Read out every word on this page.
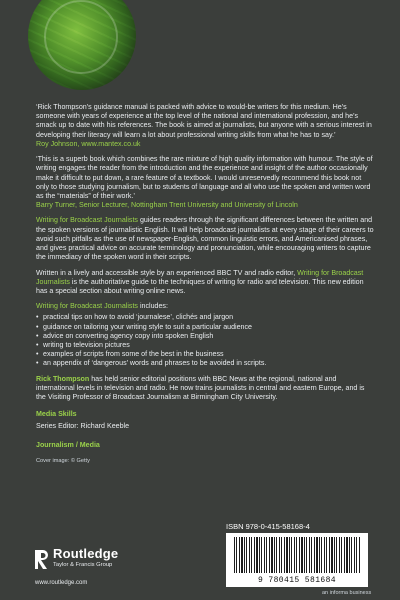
‘Rick Thompson’s guidance manual is packed with advice to would-be writers for this medium. He’s someone with years of experience at the top level of the national and international profession, and he’s smack up to date with his references. The book is aimed at journalists, but anyone with a serious interest in developing their literacy will learn a lot about professional writing skills from what he has to say.’
Roy Johnson, www.mantex.co.uk

‘This is a superb book which combines the rare mixture of high quality information with humour. The style of writing engages the reader from the introduction and the experience and insight of the author occasionally make it difficult to put down, a rare feature of a textbook. I would unreservedly recommend this book not only to those studying journalism, but to students of language and all who use the spoken and written word as the “materials” of their work.’
Barry Turner, Senior Lecturer, Nottingham Trent University and University of Lincoln

Writing for Broadcast Journalists guides readers through the significant differences between the written and the spoken versions of journalistic English. It will help broadcast journalists at every stage of their careers to avoid such pitfalls as the use of newspaper-English, common linguistic errors, and Americanised phrases, and gives practical advice on accurate terminology and pronunciation, while encouraging writers to capture the immediacy of the spoken word in their scripts.

Written in a lively and accessible style by an experienced BBC TV and radio editor, Writing for Broadcast Journalists is the authoritative guide to the techniques of writing for radio and television. This new edition has a special section about writing online news.

Writing for Broadcast Journalists includes:

• practical tips on how to avoid ‘journalese’, clichés and jargon
• guidance on tailoring your writing style to suit a particular audience
• advice on converting agency copy into spoken English
• writing to television pictures
• examples of scripts from some of the best in the business
• an appendix of ‘dangerous’ words and phrases to be avoided in scripts.

Rick Thompson has held senior editorial positions with BBC News at the regional, national and international levels in television and radio. He now trains journalists in central and eastern Europe, and is the Visiting Professor of Broadcast Journalism at Birmingham City University.

Media Skills
Series Editor: Richard Keeble
Journalism / Media
Cover image: © Getty
ISBN 978-0-415-58168-4
9 780415 581684
Routledge
Taylor & Francis Group
www.routledge.com
an informa business
